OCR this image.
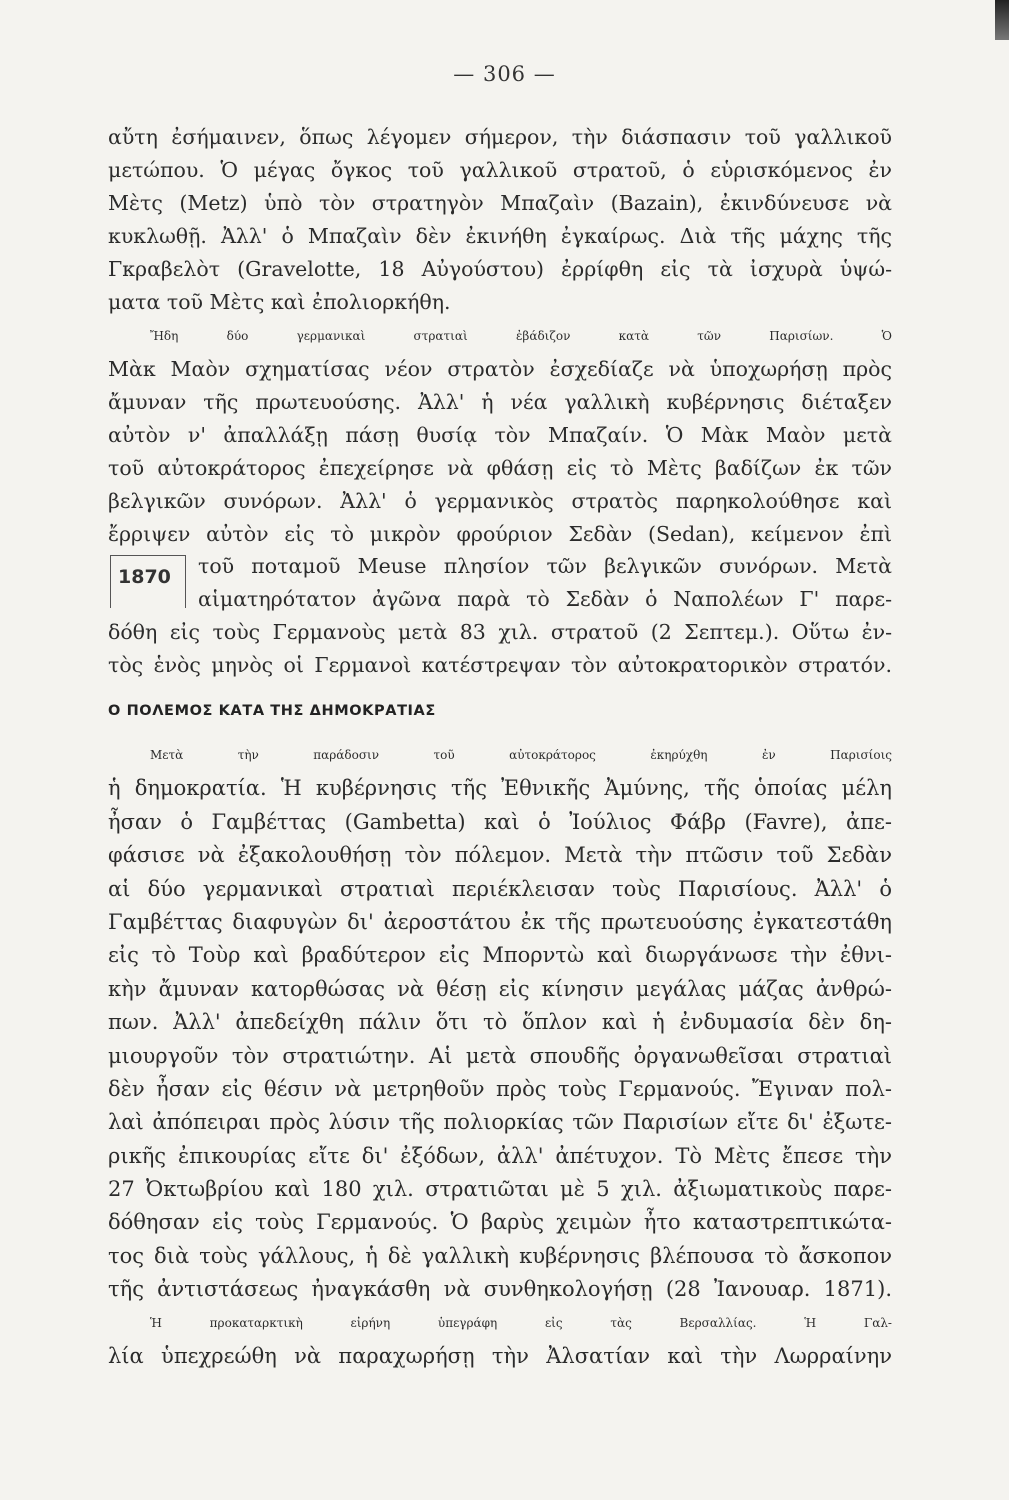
— 306 —
αὔτη ἐσήμαινεν, ὅπως λέγομεν σήμερον, τὴν διάσπασιν τοῦ γαλλικοῦ
μετώπου. Ὁ μέγας ὄγκος τοῦ γαλλικοῦ στρατοῦ, ὁ εὑρισκόμενος ἐν
Μὲτς (Metz) ὑπὸ τὸν στρατηγὸν Μπαζαὶν (Bazain), ἐκινδύνευσε νὰ
κυκλωθῇ. Ἀλλ' ὁ Μπαζαὶν δὲν ἐκινήθη ἐγκαίρως. Διὰ τῆς μάχης τῆς
Γκραβελὸτ (Gravelotte, 18 Αὐγούστου) ἐρρίφθη εἰς τὰ ἰσχυρὰ ὑψώ-
ματα τοῦ Μὲτς καὶ ἐπολιορκήθη.
Ἤδη δύο γερμανικαὶ στρατιαὶ ἐβάδιζον κατὰ τῶν Παρισίων. Ὁ
Μὰκ Μαὸν σχηματίσας νέον στρατὸν ἐσχεδίαζε νὰ ὑποχωρήσῃ πρὸς
ἄμυναν τῆς πρωτευούσης. Ἀλλ' ἡ νέα γαλλικὴ κυβέρνησις διέταξεν
αὐτὸν ν' ἀπαλλάξῃ πάσῃ θυσίᾳ τὸν Μπαζαίν. Ὁ Μὰκ Μαὸν μετὰ
τοῦ αὐτοκράτορος ἐπεχείρησε νὰ φθάσῃ εἰς τὸ Μὲτς βαδίζων ἐκ τῶν
βελγικῶν συνόρων. Ἀλλ' ὁ γερμανικὸς στρατὸς παρηκολούθησε καὶ
ἔρριψεν αὐτὸν εἰς τὸ μικρὸν φρούριον Σεδὰν (Sedan), κείμενον ἐπὶ
1870 τοῦ ποταμοῦ Meuse πλησίον τῶν βελγικῶν συνόρων. Μετὰ
αἱματηρότατον ἀγῶνα παρὰ τὸ Σεδὰν ὁ Ναπολέων Γ' παρε-
δόθη εἰς τοὺς Γερμανοὺς μετὰ 83 χιλ. στρατοῦ (2 Σεπτεμ.). Οὕτω ἐν-
τὸς ἑνὸς μηνὸς οἱ Γερμανοὶ κατέστρεψαν τὸν αὐτοκρατορικὸν στρατόν.
Ο ΠΟΛΕΜΟΣ ΚΑΤΑ ΤΗΣ ΔΗΜΟΚΡΑΤΙΑΣ
Μετὰ τὴν παράδοσιν τοῦ αὐτοκράτορος ἐκηρύχθη ἐν Παρισίοις
ἡ δημοκρατία. Ἡ κυβέρνησις τῆς Ἐθνικῆς Ἀμύνης, τῆς ὁποίας μέλη
ἦσαν ὁ Γαμβέττας (Gambetta) καὶ ὁ Ἰούλιος Φάβρ (Favre), ἀπε-
φάσισε νὰ ἐξακολουθήσῃ τὸν πόλεμον. Μετὰ τὴν πτῶσιν τοῦ Σεδὰν
αἱ δύο γερμανικαὶ στρατιαὶ περιέκλεισαν τοὺς Παρισίους. Ἀλλ' ὁ
Γαμβέττας διαφυγὼν δι' ἀεροστάτου ἐκ τῆς πρωτευούσης ἐγκατεστάθη
εἰς τὸ Τοὺρ καὶ βραδύτερον εἰς Μπορντὼ καὶ διωργάνωσε τὴν ἐθνι-
κὴν ἄμυναν κατορθώσας νὰ θέσῃ εἰς κίνησιν μεγάλας μάζας ἀνθρώ-
πων. Ἀλλ' ἀπεδείχθη πάλιν ὅτι τὸ ὅπλον καὶ ἡ ἐνδυμασία δὲν δη-
μιουργοῦν τὸν στρατιώτην. Αἱ μετὰ σπουδῆς ὀργανωθεῖσαι στρατιαὶ
δὲν ἦσαν εἰς θέσιν νὰ μετρηθοῦν πρὸς τοὺς Γερμανούς. Ἔγιναν πολ-
λαὶ ἀπόπειραι πρὸς λύσιν τῆς πολιορκίας τῶν Παρισίων εἴτε δι' ἐξωτε-
ρικῆς ἐπικουρίας εἴτε δι' ἐξόδων, ἀλλ' ἀπέτυχον. Τὸ Μὲτς ἔπεσε τὴν
27 Ὀκτωβρίου καὶ 180 χιλ. στρατιῶται μὲ 5 χιλ. ἀξιωματικοὺς παρε-
δόθησαν εἰς τοὺς Γερμανούς. Ὁ βαρὺς χειμὼν ἦτο καταστρεπτικώτα-
τος διὰ τοὺς γάλλους, ἡ δὲ γαλλικὴ κυβέρνησις βλέπουσα τὸ ἄσκοπον
τῆς ἀντιστάσεως ἠναγκάσθη νὰ συνθηκολογήσῃ (28 Ἰανουαρ. 1871).
Ἡ προκαταρκτικὴ εἰρήνη ὑπεγράφη εἰς τὰς Βερσαλλίας. Ἡ Γαλ-
λία ὑπεχρεώθη νὰ παραχωρήσῃ τὴν Ἀλσατίαν καὶ τὴν Λωρραίνην
